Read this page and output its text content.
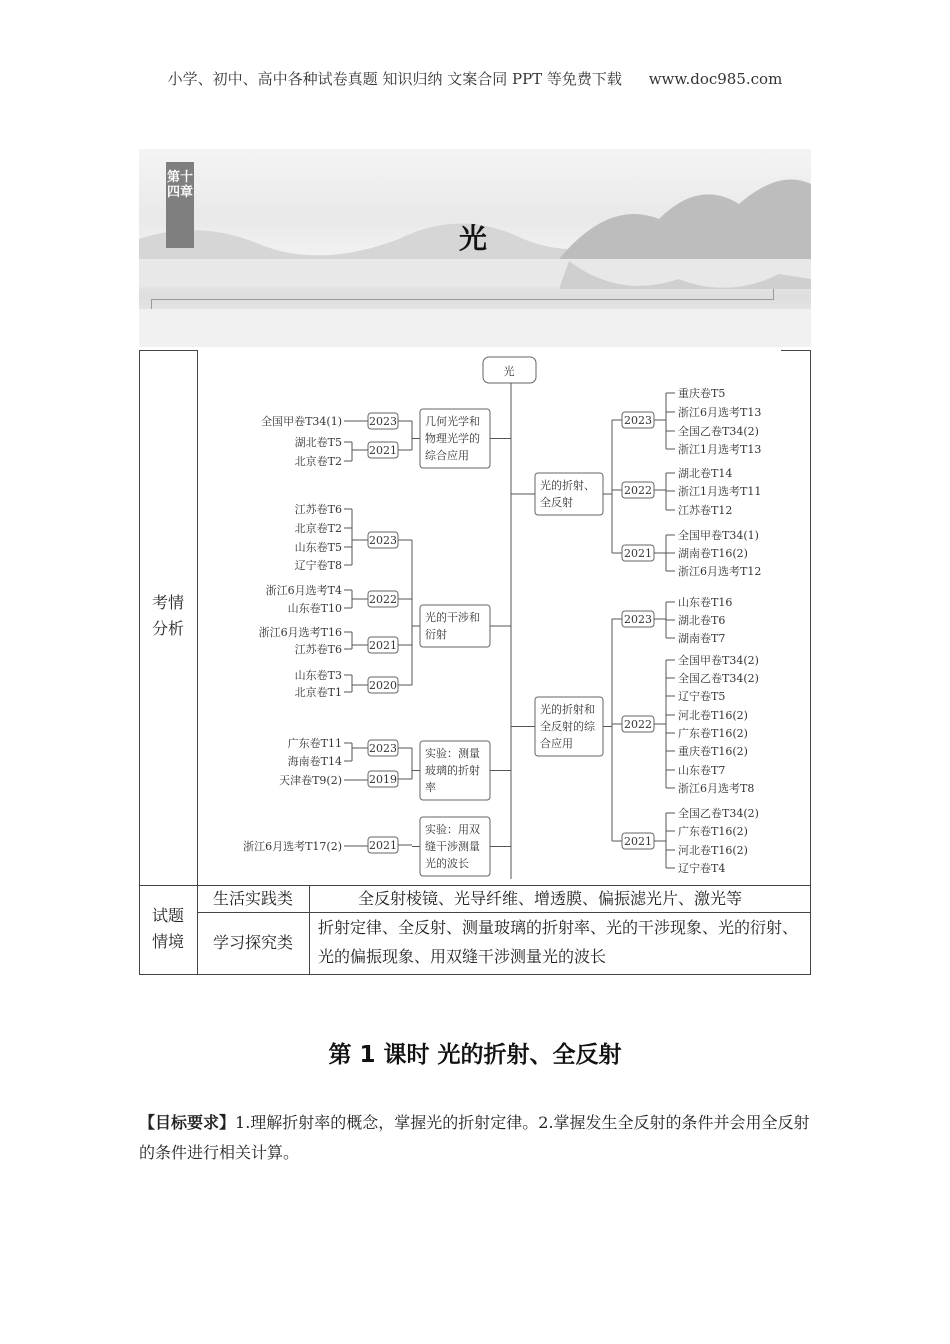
小学、初中、高中各种试卷真题 知识归纳 文案合同 PPT 等免费下载 www.doc985.com
第十四章
光
考情分析
试题情境
生活实践类	全反射棱镜、光导纤维、增透膜、偏振滤光片、激光等
学习探究类
折射定律、全反射、测量玻璃的折射率、光的干涉现象、光的衍射、光的偏振现象、用双缝干涉测量光的波长
光
几何光学和
物理光学的
综合应用
2023
全国甲卷T34(1)
2021
湖北卷T5
北京卷T2
光的干涉和
衍射
2023
江苏卷T6
北京卷T2
山东卷T5
辽宁卷T8
2022
浙江6月选考T4
山东卷T10
2021
浙江6月选考T16
江苏卷T6
2020
山东卷T3
北京卷T1
实验：测量
玻璃的折射
率
2023
广东卷T11
海南卷T14
2019
天津卷T9(2)
实验：用双
缝干涉测量
光的波长
2021
浙江6月选考T17(2)
光的折射、
全反射
2023
重庆卷T5
浙江6月选考T13
全国乙卷T34(2)
浙江1月选考T13
2022
湖北卷T14
浙江1月选考T11
江苏卷T12
2021
全国甲卷T34(1)
湖南卷T16(2)
浙江6月选考T12
光的折射和
全反射的综
合应用
2023
山东卷T16
湖北卷T6
湖南卷T7
2022
全国甲卷T34(2)
全国乙卷T34(2)
辽宁卷T5
河北卷T16(2)
广东卷T16(2)
重庆卷T16(2)
山东卷T7
浙江6月选考T8
2021
全国乙卷T34(2)
广东卷T16(2)
河北卷T16(2)
辽宁卷T4
第 1 课时 光的折射、全反射
【目标要求】1.理解折射率的概念，掌握光的折射定律。2.掌握发生全反射的条件并会用全反射的条件进行相关计算。
